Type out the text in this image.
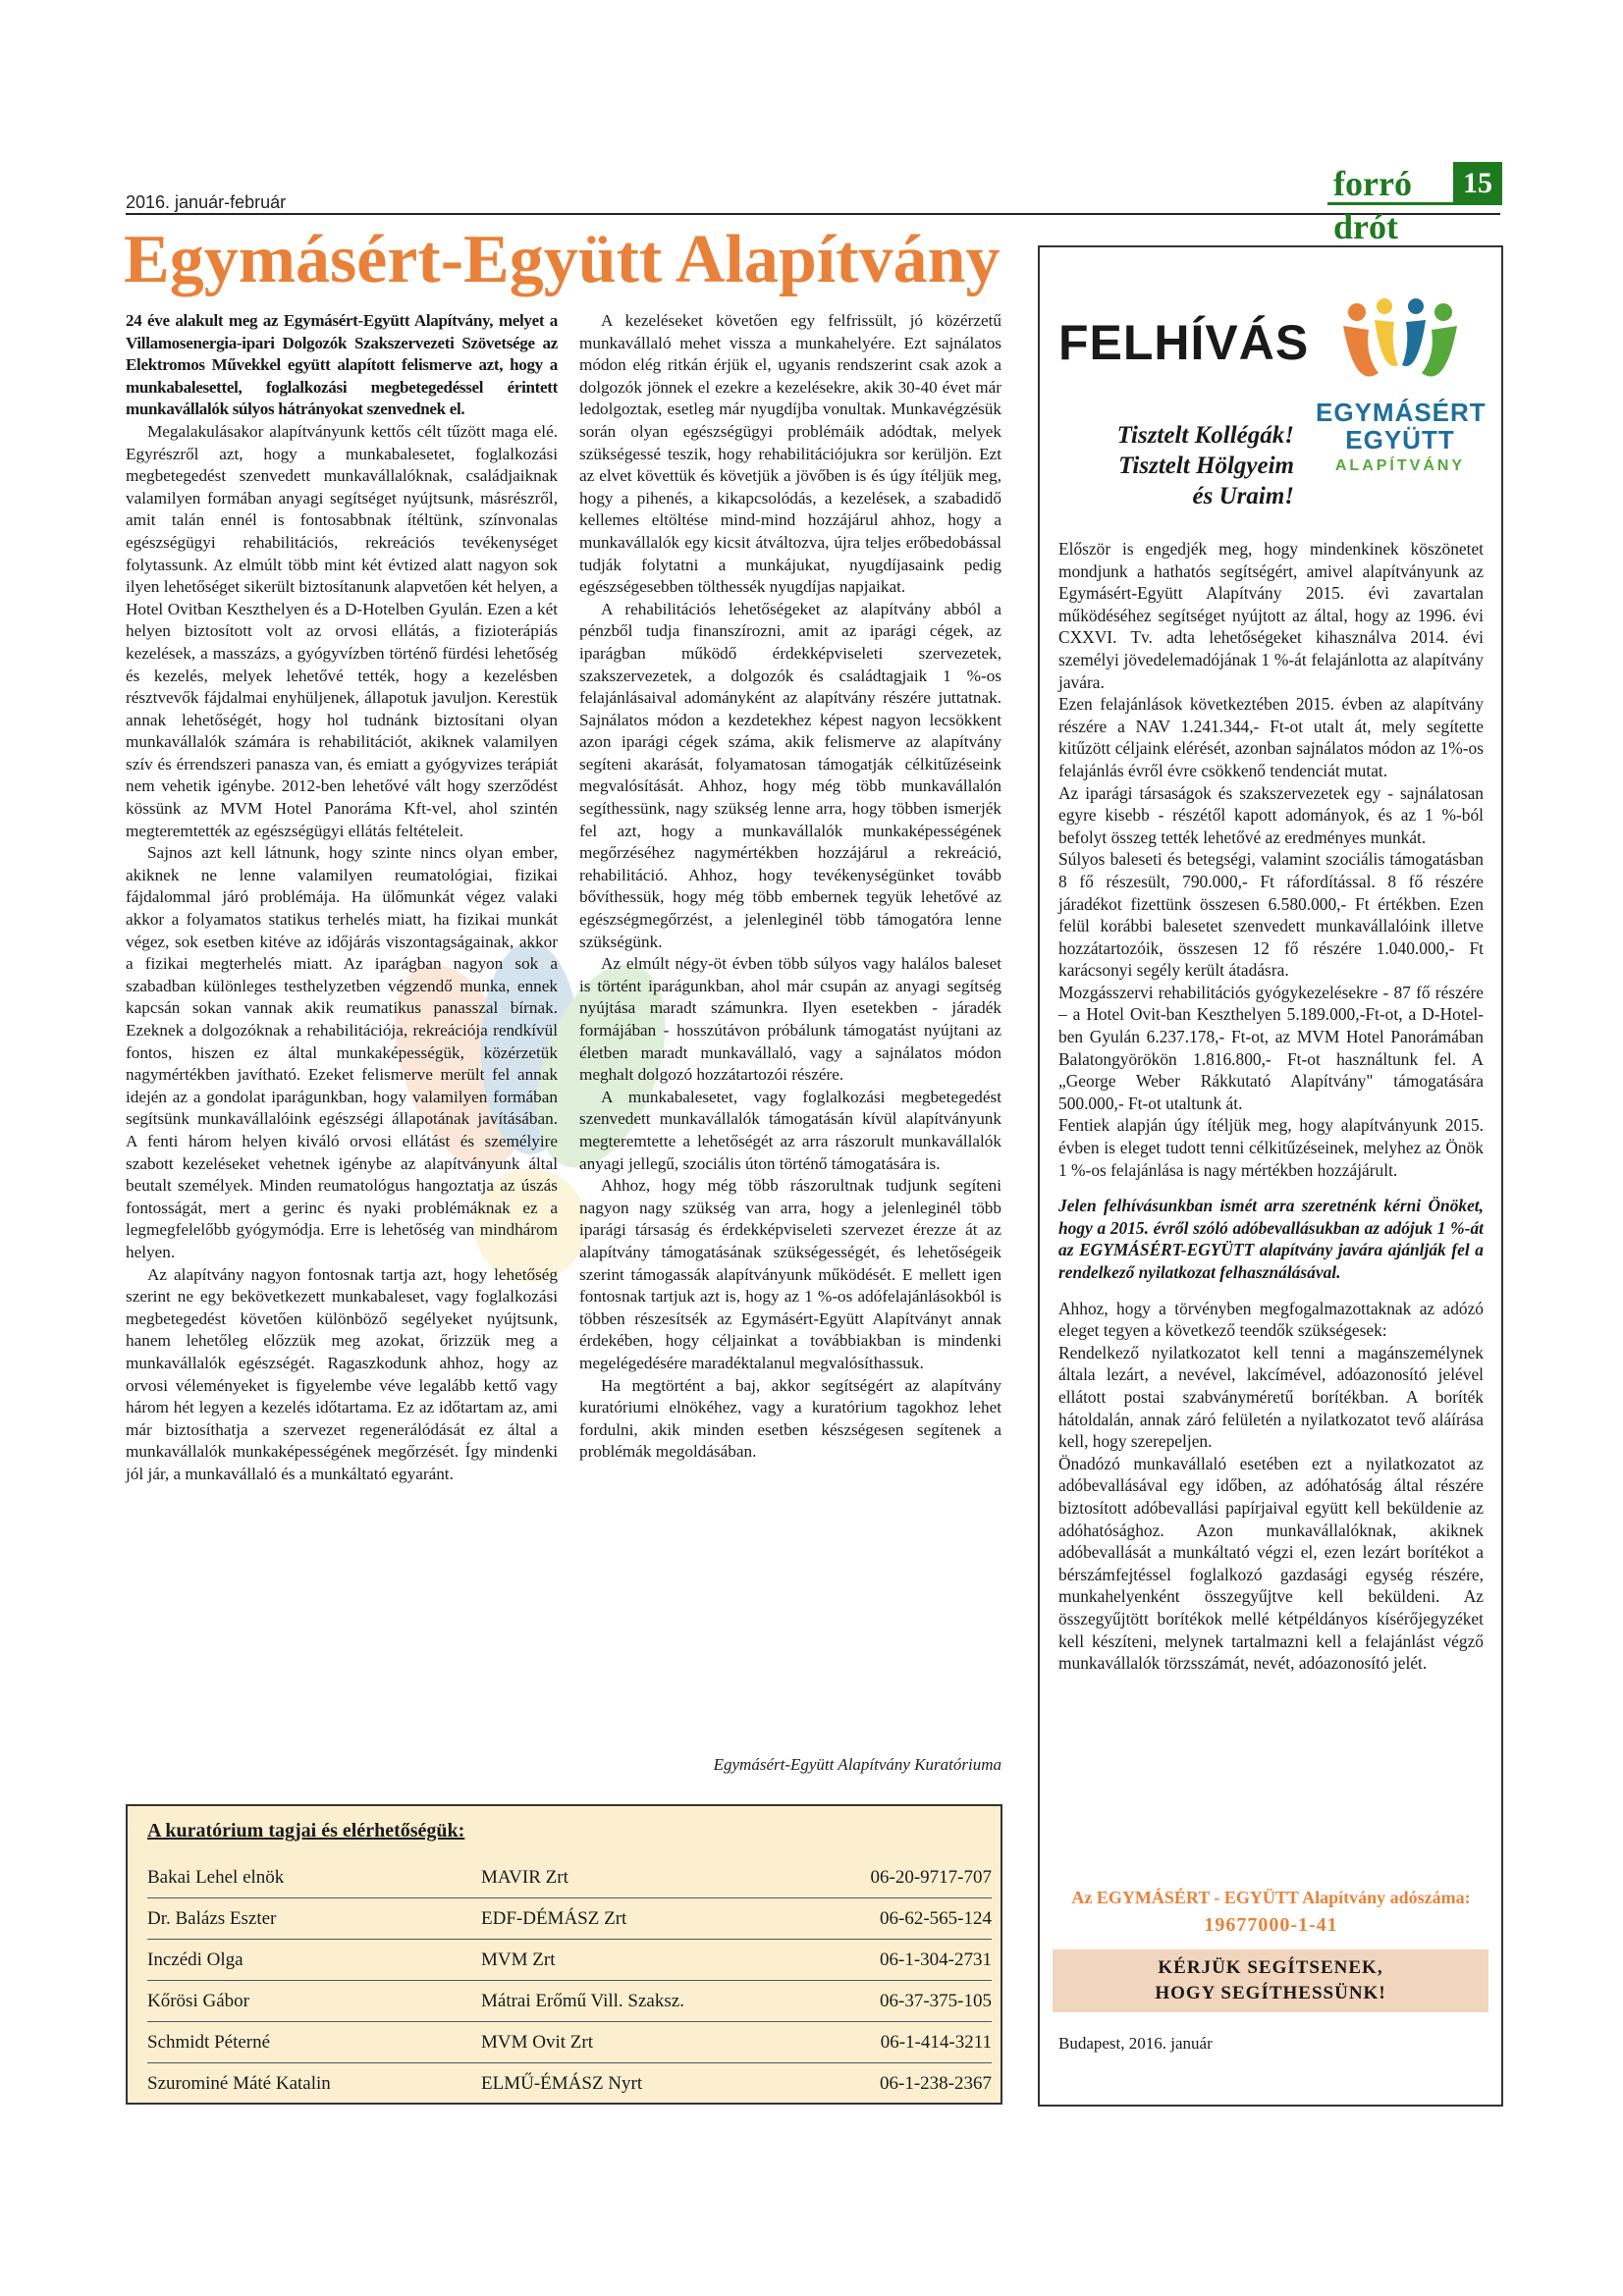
2016. január-február	forró drót
15
Egymásért-Együtt Alapítvány

24 éve alakult meg az Egymásért-Együtt Alapítvány, melyet a Villamosenergia-ipari Dolgozók Szakszervezeti Szövetsége az Elektromos Művekkel együtt alapított felismerve azt, hogy a munkabalesettel, foglalkozási megbetegedéssel érintett munkavállalók súlyos hátrányokat szenvednek el.

Megalakulásakor alapítványunk kettős célt tűzött maga elé. Egyrészről azt, hogy a munkabalesetet, foglalkozási megbetegedést szenvedett munkavállalóknak, családjaiknak valamilyen formában anyagi segítséget nyújtsunk, másrészről, amit talán ennél is fontosabbnak ítéltünk, színvonalas egészségügyi rehabilitációs, rekreációs tevékenységet folytassunk. Az elmúlt több mint két évtized alatt nagyon sok ilyen lehetőséget sikerült biztosítanunk alapvetően két helyen, a Hotel Ovitban Keszthelyen és a D-Hotelben Gyulán. Ezen a két helyen biztosított volt az orvosi ellátás, a fizioterápiás kezelések, a masszázs, a gyógyvízben történő fürdési lehetőség és kezelés, melyek lehetővé tették, hogy a kezelésben résztvevők fájdalmai enyhüljenek, állapotuk javuljon. Kerestük annak lehetőségét, hogy hol tudnánk biztosítani olyan munkavállalók számára is rehabilitációt, akiknek valamilyen szív és érrendszeri panasza van, és emiatt a gyógyvizes terápiát nem vehetik igénybe. 2012-ben lehetővé vált hogy szerződést kössünk az MVM Hotel Panoráma Kft-vel, ahol szintén megteremtették az egészségügyi ellátás feltételeit.

Sajnos azt kell látnunk, hogy szinte nincs olyan ember, akiknek ne lenne valamilyen reumatológiai, fizikai fájdalommal járó problémája. Ha ülőmunkát végez valaki akkor a folyamatos statikus terhelés miatt, ha fizikai munkát végez, sok esetben kitéve az időjárás viszontagságainak, akkor a fizikai megterhelés miatt. Az iparágban nagyon sok a szabadban különleges testhelyzetben végzendő munka, ennek kapcsán sokan vannak akik reumatikus panasszal bírnak. Ezeknek a dolgozóknak a rehabilitációja, rekreációja rendkívül fontos, hiszen ez által munkaképességük, közérzetük nagymértékben javítható. Ezeket felismerve merült fel annak idején az a gondolat iparágunkban, hogy valamilyen formában segítsünk munkavállalóink egészségi állapotának javításában. A fenti három helyen kiváló orvosi ellátást és személyire szabott kezeléseket vehetnek igénybe az alapítványunk által beutalt személyek. Minden reumatológus hangoztatja az úszás fontosságát, mert a gerinc és nyaki problémáknak ez a legmegfelelőbb gyógymódja. Erre is lehetőség van mindhárom helyen.

Az alapítvány nagyon fontosnak tartja azt, hogy lehetőség szerint ne egy bekövetkezett munkabaleset, vagy foglalkozási megbetegedést követően különböző segélyeket nyújtsunk, hanem lehetőleg előzzük meg azokat, őrizzük meg a munkavállalók egészségét. Ragaszkodunk ahhoz, hogy az orvosi véleményeket is figyelembe véve legalább kettő vagy három hét legyen a kezelés időtartama. Ez az időtartam az, ami már biztosíthatja a szervezet regenerálódását ez által a munkavállalók munkaképességének megőrzését. Így mindenki jól jár, a munkavállaló és a munkáltató egyaránt.

A kezeléseket követően egy felfrissült, jó közérzetű munkavállaló mehet vissza a munkahelyére. Ezt sajnálatos módon elég ritkán érjük el, ugyanis rendszerint csak azok a dolgozók jönnek el ezekre a kezelésekre, akik 30-40 évet már ledolgoztak, esetleg már nyugdíjba vonultak. Munkavégzésük során olyan egészségügyi problémáik adódtak, melyek szükségessé teszik, hogy rehabilitációjukra sor kerüljön. Ezt az elvet követtük és követjük a jövőben is és úgy ítéljük meg, hogy a pihenés, a kikapcsolódás, a kezelések, a szabadidő kellemes eltöltése mind-mind hozzájárul ahhoz, hogy a munkavállalók egy kicsit átváltozva, újra teljes erőbedobással tudják folytatni a munkájukat, nyugdíjasaink pedig egészségesebben tölthessék nyugdíjas napjaikat.

A rehabilitációs lehetőségeket az alapítvány abból a pénzből tudja finanszírozni, amit az iparági cégek, az iparágban működő érdekképviseleti szervezetek, szakszervezetek, a dolgozók és családtagjaik 1 %-os felajánlásaival adományként az alapítvány részére juttatnak. Sajnálatos módon a kezdetekhez képest nagyon lecsökkent azon iparági cégek száma, akik felismerve az alapítvány segíteni akarását, folyamatosan támogatják célkitűzéseink megvalósítását. Ahhoz, hogy még több munkavállalón segíthessünk, nagy szükség lenne arra, hogy többen ismerjék fel azt, hogy a munkavállalók munkaképességének megőrzéséhez nagymértékben hozzájárul a rekreáció, rehabilitáció. Ahhoz, hogy tevékenységünket tovább bővíthessük, hogy még több embernek tegyük lehetővé az egészségmegőrzést, a jelenleginél több támogatóra lenne szükségünk.

Az elmúlt négy-öt évben több súlyos vagy halálos baleset is történt iparágunkban, ahol már csupán az anyagi segítség nyújtása maradt számunkra. Ilyen esetekben - járadék formájában - hosszútávon próbálunk támogatást nyújtani az életben maradt munkavállaló, vagy a sajnálatos módon meghalt dolgozó hozzátartozói részére.

A munkabalesetet, vagy foglalkozási megbetegedést szenvedett munkavállalók támogatásán kívül alapítványunk megteremtette a lehetőségét az arra rászorult munkavállalók anyagi jellegű, szociális úton történő támogatására is.

Ahhoz, hogy még több rászorultnak tudjunk segíteni nagyon nagy szükség van arra, hogy a jelenleginél több iparági társaság és érdekképviseleti szervezet érezze át az alapítvány támogatásának szükségességét, és lehetőségeik szerint támogassák alapítványunk működését. E mellett igen fontosnak tartjuk azt is, hogy az 1 %-os adófelajánlásokból is többen részesítsék az Egymásért-Együtt Alapítványt annak érdekében, hogy céljainkat a továbbiakban is mindenki megelégedésére maradéktalanul megvalósíthassuk.

Ha megtörtént a baj, akkor segítségért az alapítvány kuratóriumi elnökéhez, vagy a kuratórium tagokhoz lehet fordulni, akik minden esetben készségesen segítenek a problémák megoldásában.

Egymásért-Együtt Alapítvány Kuratóriuma
A kuratórium tagjai és elérhetőségük:
Bakai Lehel elnök	MAVIR Zrt	06-20-9717-707
Dr. Balázs Eszter	EDF-DÉMÁSZ Zrt	06-62-565-124
Inczédi Olga	MVM Zrt	06-1-304-2731
Kőrösi Gábor	Mátrai Erőmű Vill. Szaksz.	06-37-375-105
Schmidt Péterné	MVM Ovit Zrt	06-1-414-3211
Szurominé Máté Katalin	ELMŰ-ÉMÁSZ Nyrt	06-1-238-2367
FELHÍVÁS
Tisztelt Kollégák!
Tisztelt Hölgyeim
és Uraim!
EGYMÁSÉRT
EGYÜTT
ALAPÍTVÁNY

Először is engedjék meg, hogy mindenkinek köszönetet mondjunk a hathatós segítségért, amivel alapítványunk az Egymásért-Együtt Alapítvány 2015. évi zavartalan működéséhez segítséget nyújtott az által, hogy az 1996. évi CXXVI. Tv. adta lehetőségeket kihasználva 2014. évi személyi jövedelemadójának 1 %-át felajánlotta az alapítvány javára.

Ezen felajánlások következtében 2015. évben az alapítvány részére a NAV 1.241.344,- Ft-ot utalt át, mely segítette kitűzött céljaink elérését, azonban sajnálatos módon az 1%-os felajánlás évről évre csökkenő tendenciát mutat.

Az iparági társaságok és szakszervezetek egy - sajnálatosan egyre kisebb - részétől kapott adományok, és az 1 %-ból befolyt összeg tették lehetővé az eredményes munkát.

Súlyos baleseti és betegségi, valamint szociális támogatásban 8 fő részesült, 790.000,- Ft ráfordítással. 8 fő részére járadékot fizettünk összesen 6.580.000,- Ft értékben. Ezen felül korábbi balesetet szenvedett munkavállalóink illetve hozzátartozóik, összesen 12 fő részére 1.040.000,- Ft karácsonyi segély került átadásra.

Mozgásszervi rehabilitációs gyógykezelésekre - 87 fő részére – a Hotel Ovit-ban Keszthelyen 5.189.000,-Ft-ot, a D-Hotel-ben Gyulán 6.237.178,- Ft-ot, az MVM Hotel Panorámában Balatongyörökön 1.816.800,- Ft-ot használtunk fel. A „George Weber Rákkutató Alapítvány" támogatására 500.000,- Ft-ot utaltunk át.

Fentiek alapján úgy ítéljük meg, hogy alapítványunk 2015. évben is eleget tudott tenni célkitűzéseinek, melyhez az Önök 1 %-os felajánlása is nagy mértékben hozzájárult.

Jelen felhívásunkban ismét arra szeretnénk kérni Önöket, hogy a 2015. évről szóló adóbevallásukban az adójuk 1 %-át az EGYMÁSÉRT-EGYÜTT alapítvány javára ajánlják fel a rendelkező nyilatkozat felhasználásával.

Ahhoz, hogy a törvényben megfogalmazottaknak az adózó eleget tegyen a következő teendők szükségesek:

Rendelkező nyilatkozatot kell tenni a magánszemélynek általa lezárt, a nevével, lakcímével, adóazonosító jelével ellátott postai szabványméretű borítékban. A boríték hátoldalán, annak záró felületén a nyilatkozatot tevő aláírása kell, hogy szerepeljen.

Önadózó munkavállaló esetében ezt a nyilatkozatot az adóbevallásával egy időben, az adóhatóság által részére biztosított adóbevallási papírjaival együtt kell beküldenie az adóhatósághoz. Azon munkavállalóknak, akiknek adóbevallását a munkáltató végzi el, ezen lezárt borítékot a bérszámfejtéssel foglalkozó gazdasági egység részére, munkahelyenként összegyűjtve kell beküldeni. Az összegyűjtött borítékok mellé kétpéldányos kísérőjegyzéket kell készíteni, melynek tartalmazni kell a felajánlást végző munkavállalók törzsszámát, nevét, adóazonosító jelét.

Az EGYMÁSÉRT - EGYÜTT Alapítvány adószáma:
19677000-1-41
KÉRJÜK SEGÍTSENEK,
HOGY SEGÍTHESSÜNK!
Budapest, 2016. január
